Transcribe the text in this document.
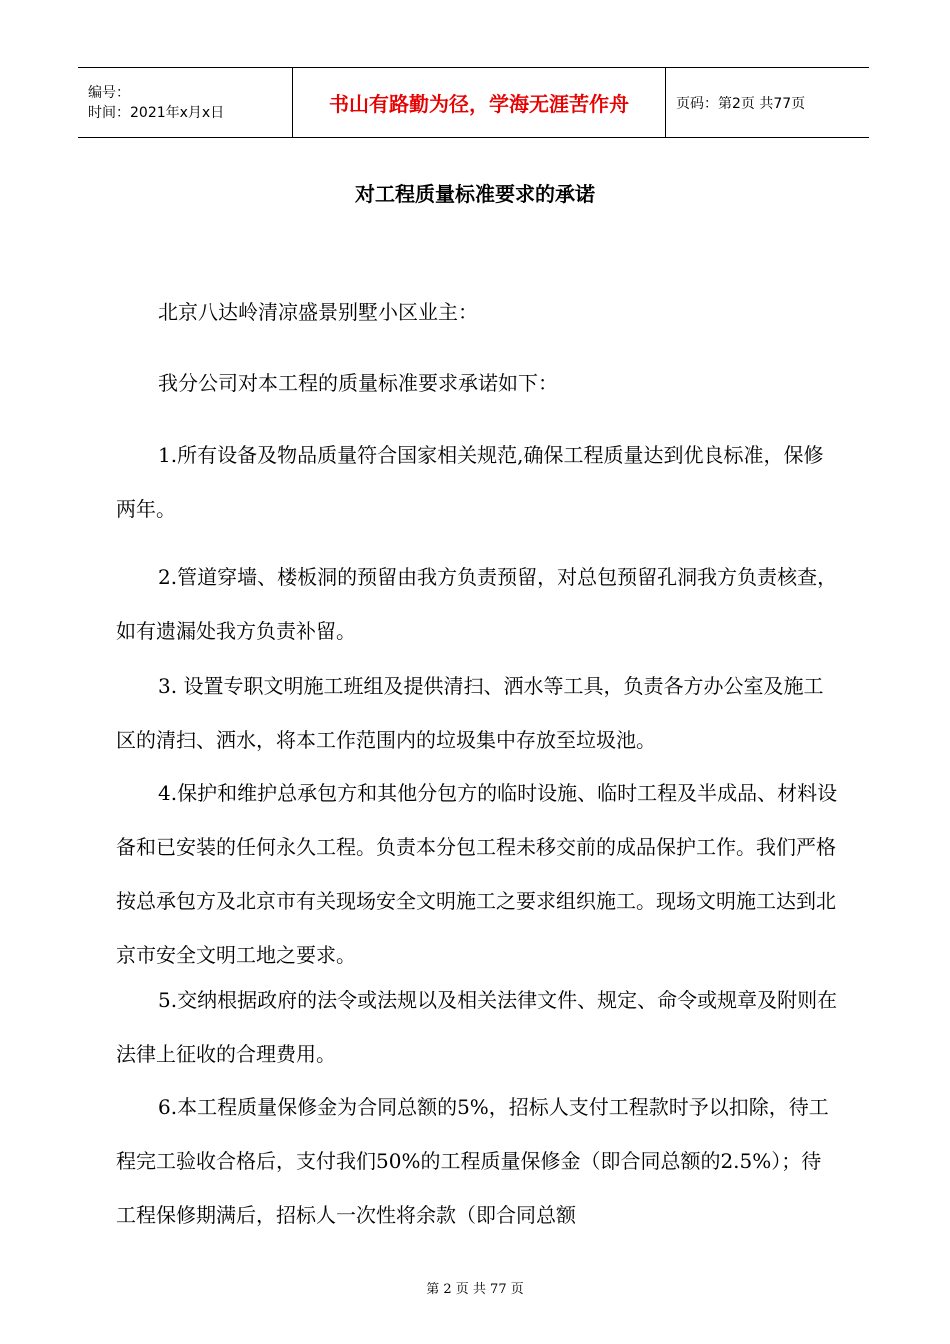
编号：
时间：2021年x月x日	书山有路勤为径，学海无涯苦作舟	页码：第2页 共77页
对工程质量标准要求的承诺

北京八达岭清凉盛景别墅小区业主：

我分公司对本工程的质量标准要求承诺如下：

1.所有设备及物品质量符合国家相关规范,确保工程质量达到优良标准，保修两年。

2.管道穿墙、楼板洞的预留由我方负责预留，对总包预留孔洞我方负责核查，如有遗漏处我方负责补留。

3. 设置专职文明施工班组及提供清扫、洒水等工具，负责各方办公室及施工区的清扫、洒水，将本工作范围内的垃圾集中存放至垃圾池。

4.保护和维护总承包方和其他分包方的临时设施、临时工程及半成品、材料设备和已安装的任何永久工程。负责本分包工程未移交前的成品保护工作。我们严格按总承包方及北京市有关现场安全文明施工之要求组织施工。现场文明施工达到北京市安全文明工地之要求。

5.交纳根据政府的法令或法规以及相关法律文件、规定、命令或规章及附则在法律上征收的合理费用。

6.本工程质量保修金为合同总额的5%，招标人支付工程款时予以扣除，待工程完工验收合格后，支付我们50%的工程质量保修金（即合同总额的2.5%）；待工程保修期满后，招标人一次性将余款（即合同总额

第 2 页 共 77 页
